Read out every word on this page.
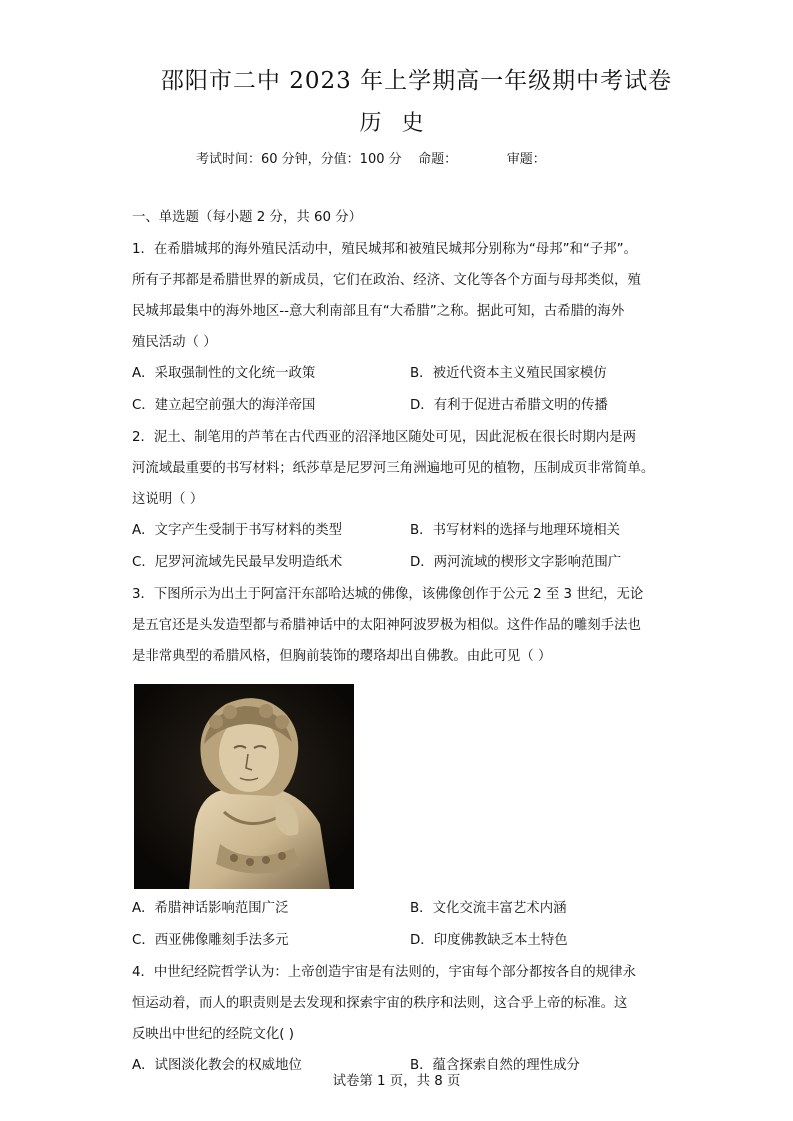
邵阳市二中 2023 年上学期高一年级期中考试卷
历 史
考试时间：60 分钟，分值：100 分    命题：            审题：
一、单选题（每小题 2 分，共 60 分）
1．在希腊城邦的海外殖民活动中，殖民城邦和被殖民城邦分别称为“母邦”和“子邦”。
所有子邦都是希腊世界的新成员，它们在政治、经济、文化等各个方面与母邦类似，殖
民城邦最集中的海外地区--意大利南部且有“大希腊”之称。据此可知，古希腊的海外
殖民活动（ ）
A．采取强制性的文化统一政策	B．被近代资本主义殖民国家模仿
C．建立起空前强大的海洋帝国	D．有利于促进古希腊文明的传播
2．泥土、制笔用的芦苇在古代西亚的沼泽地区随处可见，因此泥板在很长时期内是两
河流域最重要的书写材料；纸莎草是尼罗河三角洲遍地可见的植物，压制成页非常简单。
这说明（ ）
A．文字产生受制于书写材料的类型	B．书写材料的选择与地理环境相关
C．尼罗河流域先民最早发明造纸术	D．两河流域的楔形文字影响范围广
3．下图所示为出土于阿富汗东部哈达城的佛像，该佛像创作于公元 2 至 3 世纪，无论
是五官还是头发造型都与希腊神话中的太阳神阿波罗极为相似。这件作品的雕刻手法也
是非常典型的希腊风格，但胸前装饰的璎珞却出自佛教。由此可见（ ）
A．希腊神话影响范围广泛	B．文化交流丰富艺术内涵
C．西亚佛像雕刻手法多元	D．印度佛教缺乏本土特色
4．中世纪经院哲学认为：上帝创造宇宙是有法则的，宇宙每个部分都按各自的规律永
恒运动着，而人的职责则是去发现和探索宇宙的秩序和法则，这合乎上帝的标准。这
反映出中世纪的经院文化( )
A．试图淡化教会的权威地位	B．蕴含探索自然的理性成分
试卷第 1 页，共 8 页
